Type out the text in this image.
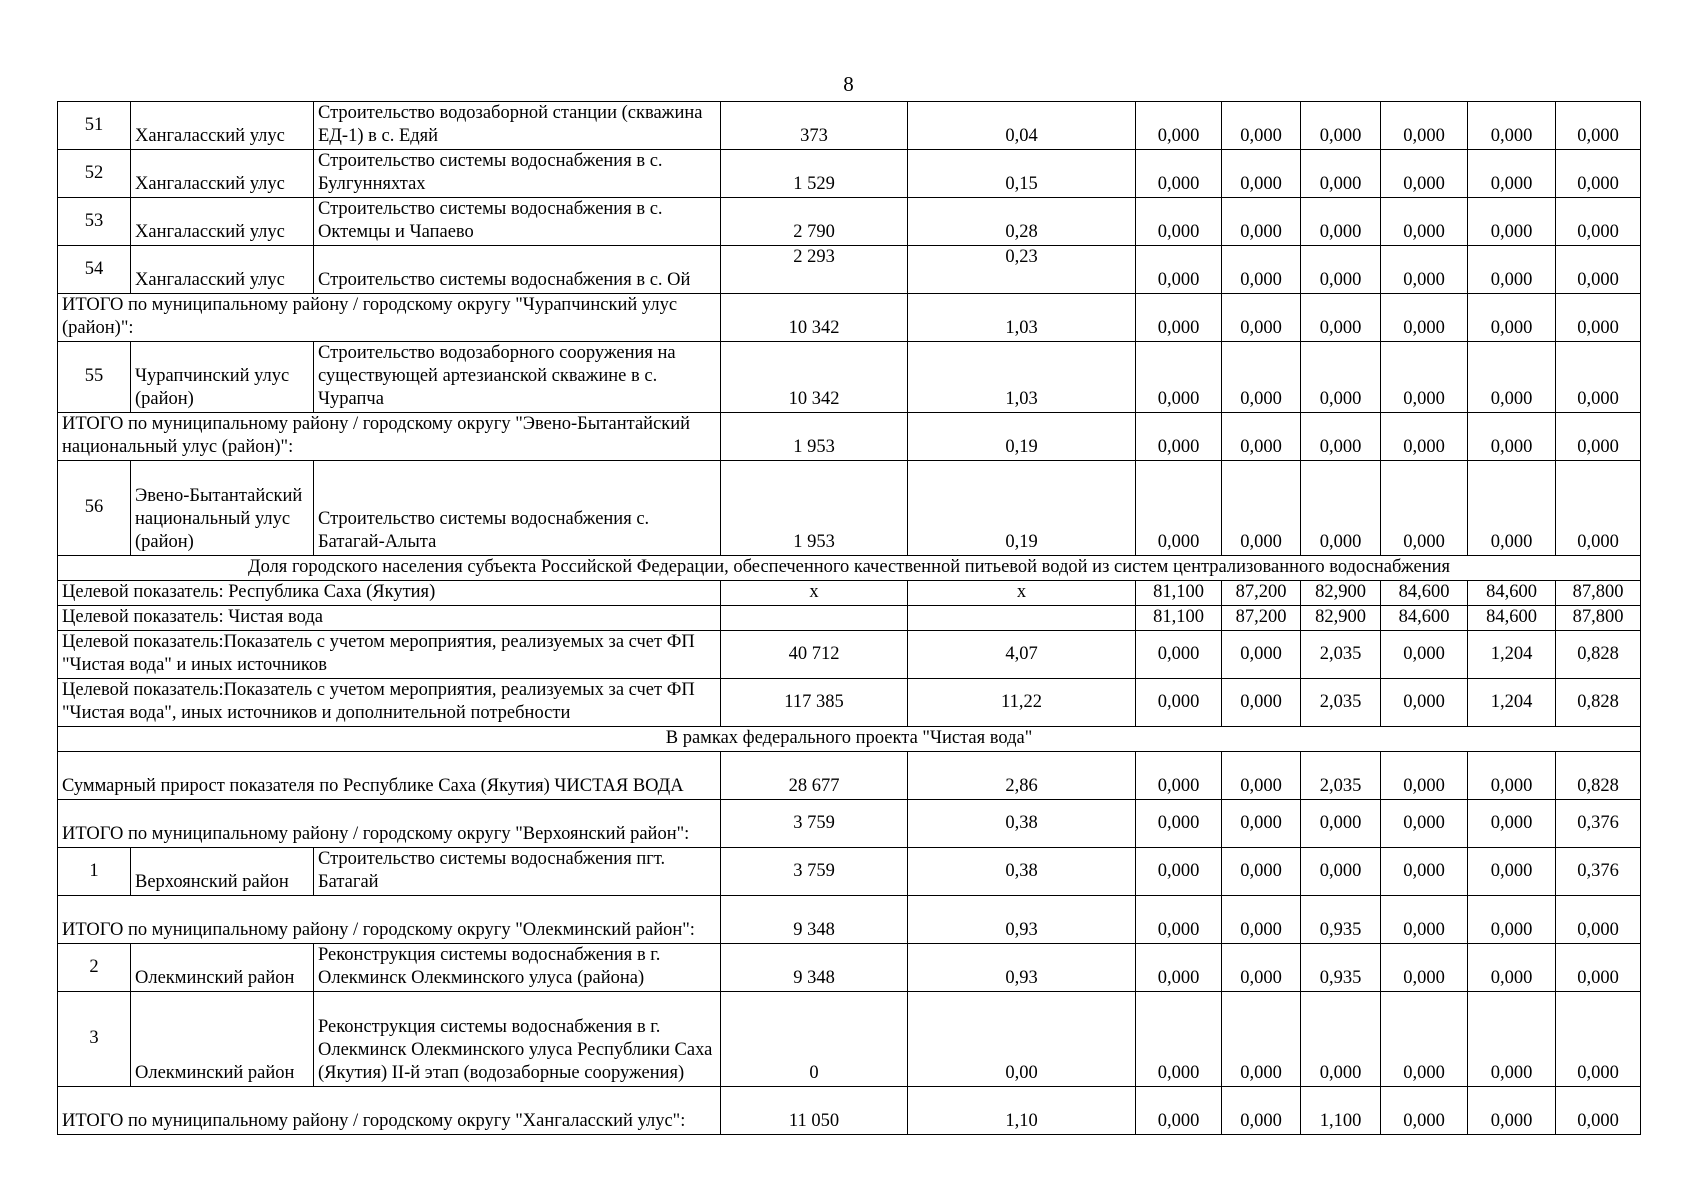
8
51	Хангаласский улус	Строительство водозаборной станции (скважина ЕД-1) в с. Едяй	373	0,04	0,000	0,000	0,000	0,000	0,000	0,000
52	Хангаласский улус	Строительство системы водоснабжения в с. Булгунняхтах	1 529	0,15	0,000	0,000	0,000	0,000	0,000	0,000
53	Хангаласский улус	Строительство системы водоснабжения в с. Октемцы и Чапаево	2 790	0,28	0,000	0,000	0,000	0,000	0,000	0,000
54	Хангаласский улус	Строительство системы водоснабжения в с. Ой	2 293	0,23	0,000	0,000	0,000	0,000	0,000	0,000
ИТОГО по муниципальному району / городскому округу "Чурапчинский улус (район)":			10 342	1,03	0,000	0,000	0,000	0,000	0,000	0,000
55	Чурапчинский улус (район)	Строительство водозаборного сооружения на существующей артезианской скважине в с. Чурапча	10 342	1,03	0,000	0,000	0,000	0,000	0,000	0,000
ИТОГО по муниципальному району / городскому округу "Эвено-Бытантайский национальный улус (район)":			1 953	0,19	0,000	0,000	0,000	0,000	0,000	0,000
56	Эвено-Бытантайский национальный улус (район)	Строительство системы водоснабжения с. Батагай-Алыта	1 953	0,19	0,000	0,000	0,000	0,000	0,000	0,000
Доля городского населения субъекта Российской Федерации, обеспеченного качественной питьевой водой из систем централизованного водоснабжения										
Целевой показатель: Республика Саха (Якутия)			x	x	81,100	87,200	82,900	84,600	84,600	87,800
Целевой показатель: Чистая вода					81,100	87,200	82,900	84,600	84,600	87,800
Целевой показатель:Показатель с учетом мероприятия, реализуемых за счет ФП "Чистая вода" и иных источников			40 712	4,07	0,000	0,000	2,035	0,000	1,204	0,828
Целевой показатель:Показатель с учетом мероприятия, реализуемых за счет ФП "Чистая вода", иных источников и дополнительной потребности			117 385	11,22	0,000	0,000	2,035	0,000	1,204	0,828
В рамках федерального проекта "Чистая вода"										
Суммарный прирост показателя по Республике Саха (Якутия) ЧИСТАЯ ВОДА			28 677	2,86	0,000	0,000	2,035	0,000	0,000	0,828
ИТОГО по муниципальному району / городскому округу "Верхоянский район":			3 759	0,38	0,000	0,000	0,000	0,000	0,000	0,376
1	Верхоянский район	Строительство системы водоснабжения пгт. Батагай	3 759	0,38	0,000	0,000	0,000	0,000	0,000	0,376
ИТОГО по муниципальному району / городскому округу "Олекминский район":			9 348	0,93	0,000	0,000	0,935	0,000	0,000	0,000
2	Олекминский район	Реконструкция системы водоснабжения в г. Олекминск Олекминского улуса (района)	9 348	0,93	0,000	0,000	0,935	0,000	0,000	0,000
3	Олекминский район	Реконструкция системы водоснабжения в г. Олекминск Олекминского улуса Республики Саха (Якутия) II-й этап (водозаборные сооружения)	0	0,00	0,000	0,000	0,000	0,000	0,000	0,000
ИТОГО по муниципальному району / городскому округу "Хангаласский улус":			11 050	1,10	0,000	0,000	1,100	0,000	0,000	0,000
